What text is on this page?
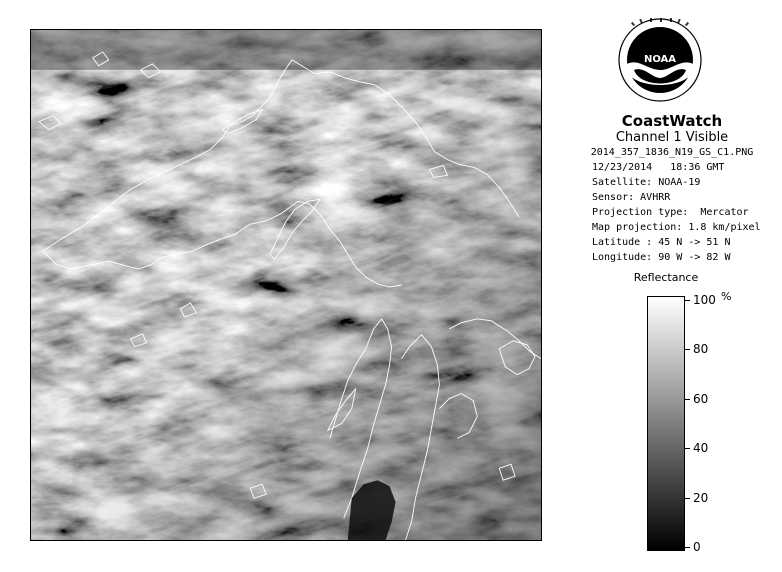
NOAA
CoastWatch
Channel 1 Visible
2014_357_1836_N19_GS_C1.PNG
12/23/2014   18:36 GMT
Satellite: NOAA-19
Sensor: AVHRR
Projection type:  Mercator
Map projection: 1.8 km/pixel
Latitude : 45 N -> 51 N
Longitude: 90 W -> 82 W
Reflectance
%
100
80
60
40
20
0
